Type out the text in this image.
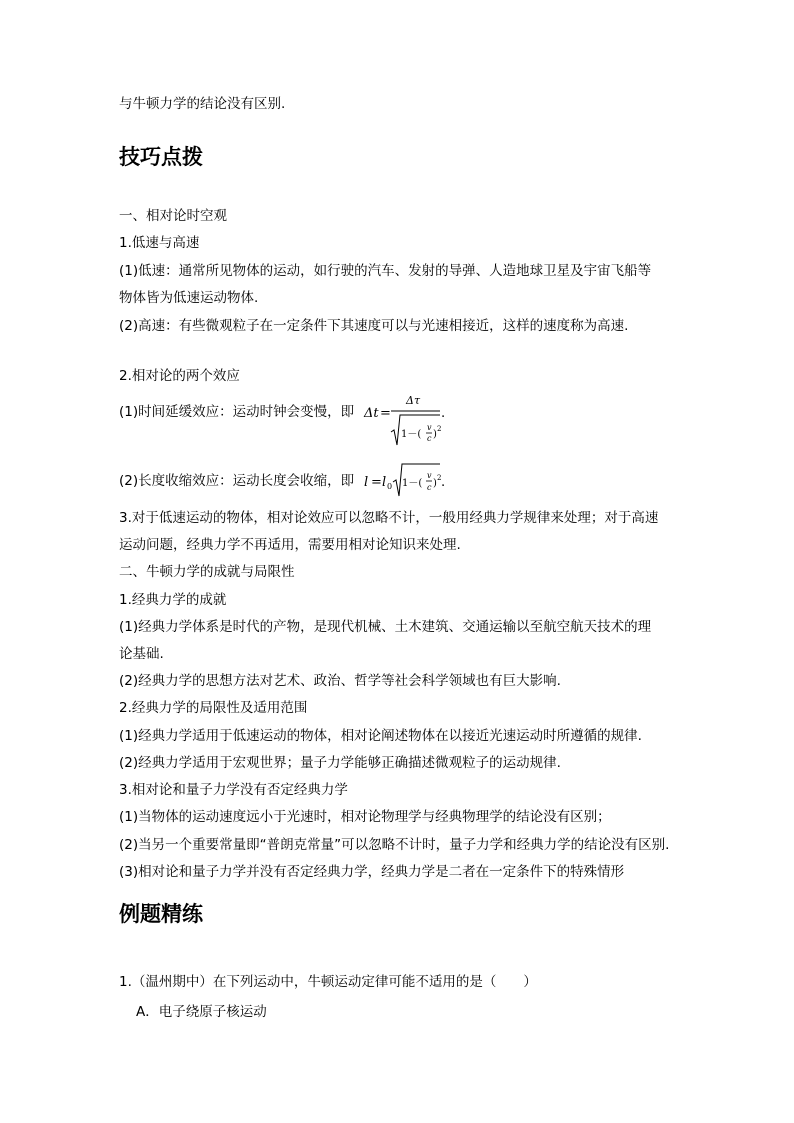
与牛顿力学的结论没有区别.
技巧点拨
一、相对论时空观
1.低速与高速
(1)低速：通常所见物体的运动，如行驶的汽车、发射的导弹、人造地球卫星及宇宙飞船等
物体皆为低速运动物体.
(2)高速：有些微观粒子在一定条件下其速度可以与光速相接近，这样的速度称为高速.
2.相对论的两个效应
(1)时间延缓效应：运动时钟会变慢，即 Δt =
Δτ
1－(
v
c ) 2
.
(2)长度收缩效应：运动长度会收缩，即 l = l 0 1－(
v
c ) 2 .
3.对于低速运动的物体，相对论效应可以忽略不计，一般用经典力学规律来处理；对于高速
运动问题，经典力学不再适用，需要用相对论知识来处理.
二、牛顿力学的成就与局限性
1.经典力学的成就
(1)经典力学体系是时代的产物，是现代机械、土木建筑、交通运输以至航空航天技术的理
论基础.
(2)经典力学的思想方法对艺术、政治、哲学等社会科学领域也有巨大影响.
2.经典力学的局限性及适用范围
(1)经典力学适用于低速运动的物体，相对论阐述物体在以接近光速运动时所遵循的规律.
(2)经典力学适用于宏观世界；量子力学能够正确描述微观粒子的运动规律.
3.相对论和量子力学没有否定经典力学
(1)当物体的运动速度远小于光速时，相对论物理学与经典物理学的结论没有区别；
(2)当另一个重要常量即“普朗克常量”可以忽略不计时，量子力学和经典力学的结论没有区别.
(3)相对论和量子力学并没有否定经典力学，经典力学是二者在一定条件下的特殊情形
例题精练
1.（温州期中）在下列运动中，牛顿运动定律可能不适用的是（　　）
A．电子绕原子核运动
